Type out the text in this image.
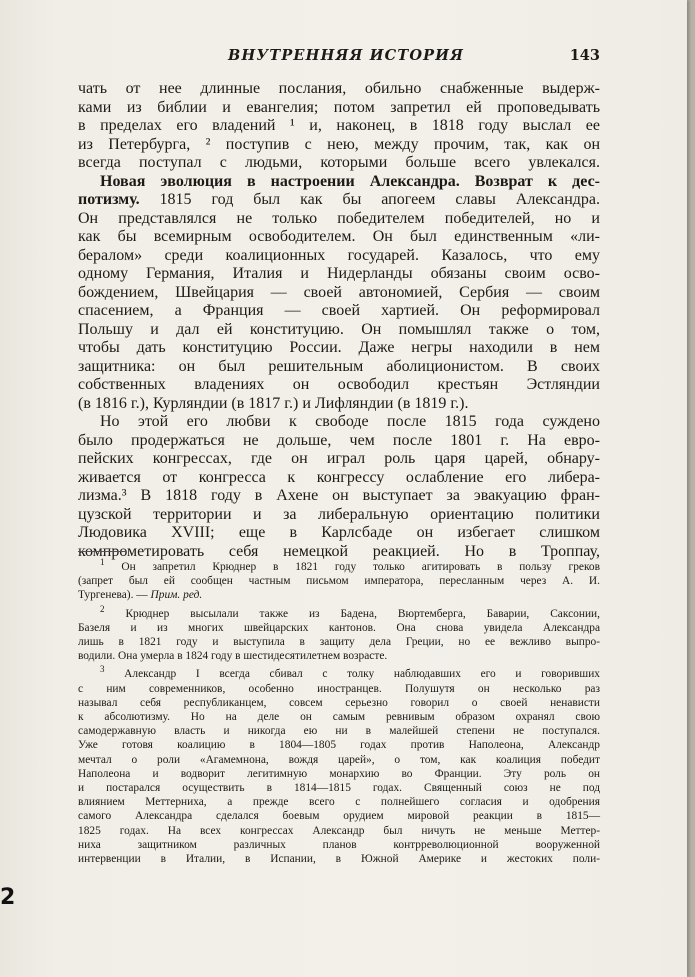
ВНУТРЕННЯЯ ИСТОРИЯ	143
чать от нее длинные послания, обильно снабженные выдерж-
ками из библии и евангелия; потом запретил ей проповедывать
в пределах его владений ¹ и, наконец, в 1818 году выслал ее
из Петербурга, ² поступив с нею, между прочим, так, как он
всегда поступал с людьми, которыми больше всего увлекался.
Новая эволюция в настроении Александра. Возврат к дес-
потизму. 1815 год был как бы апогеем славы Александра.
Он представлялся не только победителем победителей, но и
как бы всемирным освободителем. Он был единственным «ли-
бералом» среди коалиционных государей. Казалось, что ему
одному Германия, Италия и Нидерланды обязаны своим осво-
бождением, Швейцария — своей автономией, Сербия — своим
спасением, а Франция — своей хартией. Он реформировал
Польшу и дал ей конституцию. Он помышлял также о том,
чтобы дать конституцию России. Даже негры находили в нем
защитника: он был решительным аболиционистом. В своих
собственных владениях он освободил крестьян Эстляндии
(в 1816 г.), Курляндии (в 1817 г.) и Лифляндии (в 1819 г.).
Но этой его любви к свободе после 1815 года суждено
было продержаться не дольше, чем после 1801 г. На евро-
пейских конгрессах, где он играл роль царя царей, обнару-
живается от конгресса к конгрессу ослабление его либера-
лизма.³ В 1818 году в Ахене он выступает за эвакуацию фран-
цузской территории и за либеральную ориентацию политики
Людовика XVIII; еще в Карлсбаде он избегает слишком
компрометировать себя немецкой реакцией. Но в Троппау,
$^1$ Он запретил Крюднер в 1821 году только агитировать в пользу греков
(запрет был ей сообщен частным письмом императора, пересланным через А. И.
Тургенева). — Прим. ред.
$^2$ Крюднер высылали также из Бадена, Вюртемберга, Баварии, Саксонии,
Базеля и из многих швейцарских кантонов. Она снова увидела Александра
лишь в 1821 году и выступила в защиту дела Греции, но ее вежливо выпро-
водили. Она умерла в 1824 году в шестидесятилетнем возрасте.
$^3$ Александр I всегда сбивал с толку наблюдавших его и говоривших
с ним современников, особенно иностранцев. Полушутя он несколько раз
называл себя республиканцем, совсем серьезно говорил о своей ненависти
к абсолютизму. Но на деле он самым ревнивым образом охранял свою
самодержавную власть и никогда ею ни в малейшей степени не поступался.
Уже готовя коалицию в 1804—1805 годах против Наполеона, Александр
мечтал о роли «Агамемнона, вождя царей», о том, как коалиция победит
Наполеона и водворит легитимную монархию во Франции. Эту роль он
и постарался осуществить в 1814—1815 годах. Священный союз не под
влиянием Меттерниха, а прежде всего с полнейшего согласия и одобрения
самого Александра сделался боевым орудием мировой реакции в 1815—
1825 годах. На всех конгрессах Александр был ничуть не меньше Меттер-
ниха защитником различных планов контрреволюционной вооруженной
интервенции в Италии, в Испании, в Южной Америке и жестоких поли-
2
